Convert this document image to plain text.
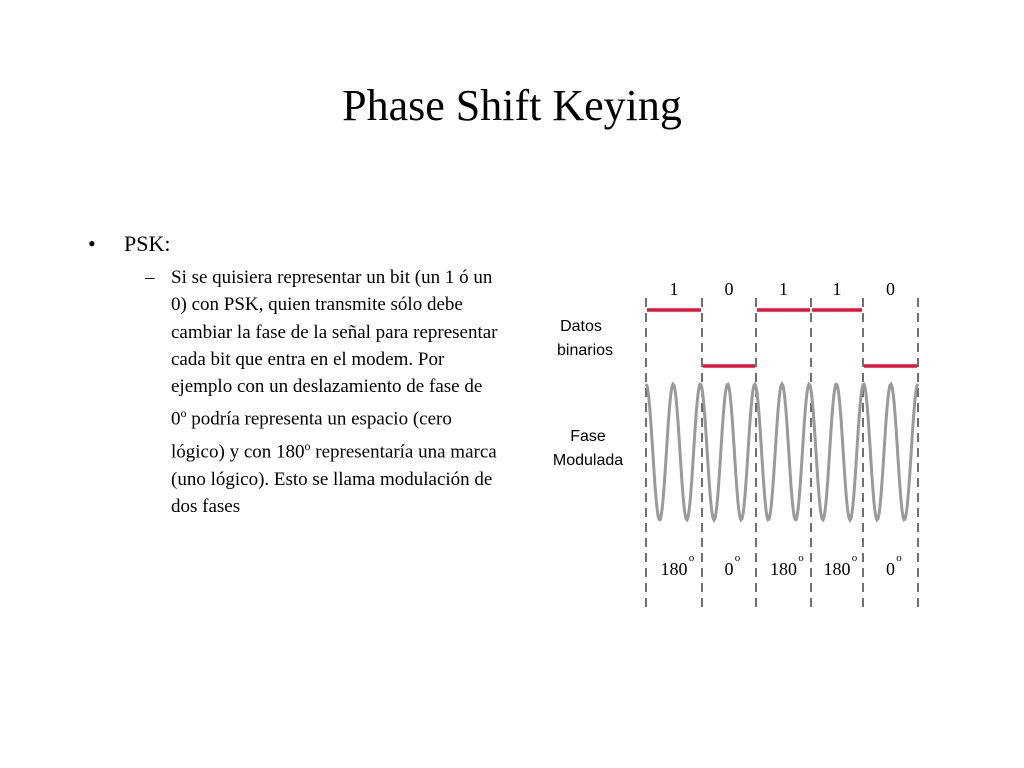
Phase Shift Keying
• PSK:
– Si se quisiera representar un bit (un 1 ó un 0) con PSK, quien transmite sólo debe cambiar la fase de la señal para representar cada bit que entra en el modem. Por ejemplo con un deslazamiento de fase de 0$^o$ podría representa un espacio (cero lógico) y con 180$^o$ representaría una marca (uno lógico). Esto se llama modulación de dos fases
Datos
binarios
Fase
Modulada
1	0	1 1 0
180
o
0
o
180
o
180
o
0
o
